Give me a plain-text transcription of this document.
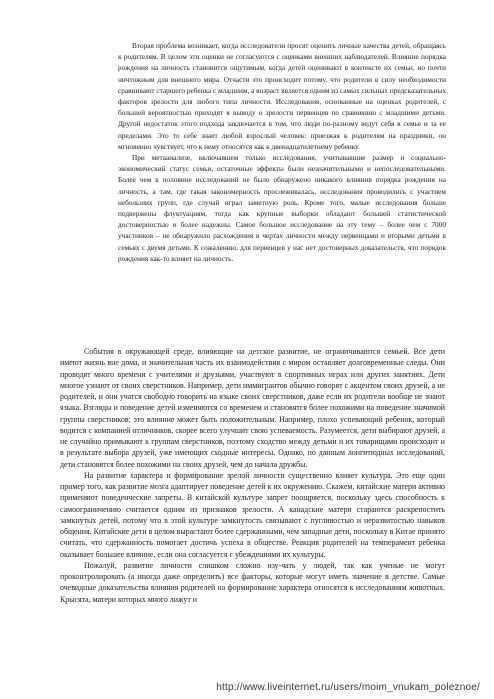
Вторая проблема возникает, когда исследователи просят оценить личные качества детей, обращаясь к родителям. В целом эти оценки не согласуются с оценками внешних наблюдателей. Влияние порядка рождения на личность становится ощутимым, когда детей оценивают в контексте их семьи, но почти ничтожным для внешнего мира. Отчасти это происходит потому, что родители в силу необходимости сравнивают старшего ребенка с младшим, а возраст является одним из самых сильных предсказательных факторов зрелости для любого типа личности. Исследования, основанные на оценках родителей, с большей вероятностью приходят к выводу о зрелости первенцев по сравнению с младшими детьми. Другой недостаток этого подхода заключается в том, что люди по-разному ведут себя в семье и за ее пределами. Это то себе знает любой взрослый человек: приезжая к родителям на праздники, он мгновенно чувствует, что к нему относятся как к двенадцатилетнему ребенку.

При метаанализе, включавшем только исследования, учитывавшие размер и социально-экономический статус семьи, остаточные эффекты были незначительными и непоследовательными. Более чем в половине исследований не было обнаружено никакого влияния порядка рождения на личность, а там, где такая закономерность прослеживалась, исследования проводились с участием небольших групп, где случай играл заметную роль. Кроме того, малые исследования больше подвержены флуктуациям, тогда как крупные выборки обладают большей статистической достоверностью и более надежны. Самое большое исследование на эту тему – более чем с 7000 участников – не обнаружило расхождения в чертах личности между первенцами и вторыми детьми в семьях с двумя детьми. К сожалению, для первенцев у нас нет достоверных доказательств, что порядок рождения как-то влияет на личность.

События в окружающей среде, влияющие на детское развитие, не ограничиваются семьей. Все дети имеют жизнь вне дома, и значительная часть их взаимодействия с миром оставляет долговременные следы. Они проводят много времени с учителями и друзьями, участвуют в спортивных играх или других занятиях. Дети многое узнают от своих сверстников. Например, дети иммигрантов обычно говорят с акцентом своих друзей, а не родителей, и они учатся свободно говорить на языке своих сверстников, даже если их родители вообще не знают языка. Взгляды и поведение детей изменяются со временем и становятся более похожими на поведение значимой группы сверстников; это влияние может быть положительным. Например, плохо успевающий ребенок, который водится с компанией отличников, скорее всего улучшит свою успеваемость. Разумеется, дети выбирают друзей, а не случайно примыкают к группам сверстников, поэтому сходство между детьми и их товарищами происходит и в результате выбора друзей, уже имеющих сходные интересы. Однако, по данным лонгитюдных исследований, дети становятся более похожими на своих друзей, чем до начала дружбы.

На развитие характера и формирование зрелой личности существенно влияет культура. Это еще один пример того, как развитие мозга адаптирует поведение детей к их окружению. Скажем, китайские матери активно применяют поведенческие запреты. В китайской культуре запрет поощряется, поскольку здесь способность к самоограничению считается одним из признаков зрелости. А канадские матери стараются раскрепостить замкнутых детей, потому что в этой культуре замкнутость связывают с пугливостью и неразвитостью навыков общения. Китайские дети в целом вырастают более сдержанными, чем западные дети, поскольку в Китае принято считать, что сдержанность помогает достичь успеха в обществе. Реакция родителей на темперамент ребенка оказывает большее влияние, если она согласуется с убеждениями их культуры.

Пожалуй, развитие личности слишком сложно изу-чать у людей, так как ученые не могут проконтролировать (а иногда даже определить) все факторы, которые могут иметь значение в детстве. Самые очевидные доказательства влияния родителей на формирование характера относятся к исследованиям животных. Крысята, матери которых много лижут и

http://www.liveinternet.ru/users/moim_vnukam_poleznoe/
